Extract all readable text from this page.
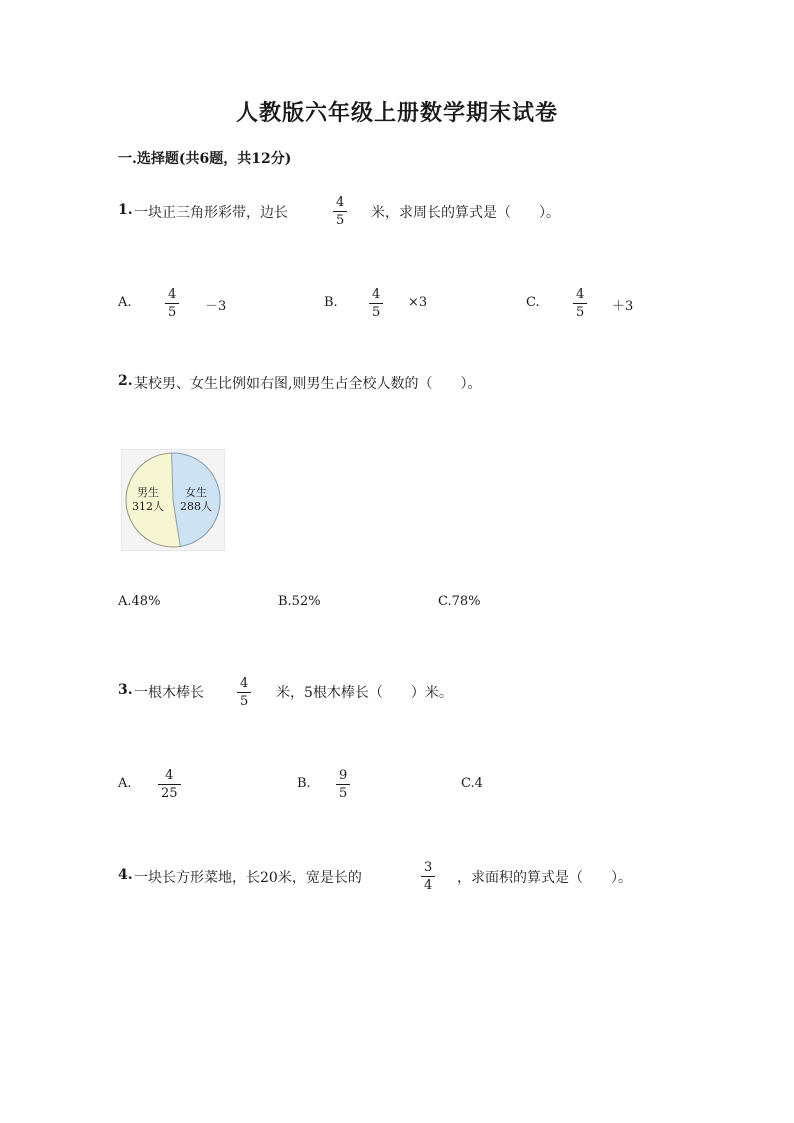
人教版六年级上册数学期末试卷
一.选择题(共6题，共12分)
1. 一块正三角形彩带，边长	$\frac{4}{5}$ 米，求周长的算式是（　　）。
A.	$\frac{4}{5} -3$	B. $\frac{4}{5} \times 3$	C.	$\frac{4}{5} +3$
2. 某校男、女生比例如右图,则男生占全校人数的（　　）。
男生
312人
女生
288人
A.48%	B.52%	C.78%
3. 一根木棒长	$\frac{4}{5}$ 米，5根木棒长（　　）米。
A. $\frac{4}{25}$	B. $\frac{9}{5}$	C.4
4. 一块长方形菜地，长20米，宽是长的	$\frac{3}{4}$ ，求面积的算式是（　　）。
